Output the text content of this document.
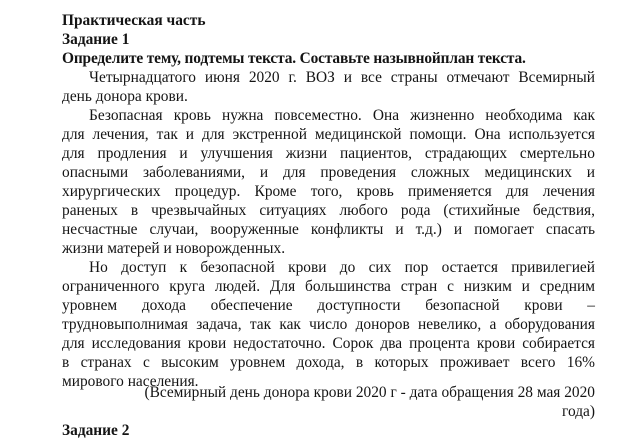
Практическая часть
Задание 1
Определите тему, подтемы текста. Составьте назывнойплан текста.
Четырнадцатого июня 2020 г. ВОЗ и все страны отмечают Всемирный
день донора крови.
Безопасная кровь нужна повсеместно. Она жизненно необходима как
для лечения, так и для экстренной медицинской помощи. Она используется
для продления и улучшения жизни пациентов, страдающих смертельно
опасными заболеваниями, и для проведения сложных медицинских и
хирургических процедур. Кроме того, кровь применяется для лечения
раненых в чрезвычайных ситуациях любого рода (стихийные бедствия,
несчастные случаи, вооруженные конфликты и т.д.) и помогает спасать
жизни матерей и новорожденных.
Но доступ к безопасной крови до сих пор остается привилегией
ограниченного круга людей. Для большинства стран с низким и средним
уровнем дохода обеспечение доступности безопасной крови –
трудновыполнимая задача, так как число доноров невелико, а оборудования
для исследования крови недостаточно. Сорок два процента крови собирается
в странах с высоким уровнем дохода, в которых проживает всего 16%
мирового населения.
(Всемирный день донора крови 2020 г - дата обращения 28 мая 2020
года)
Задание 2
